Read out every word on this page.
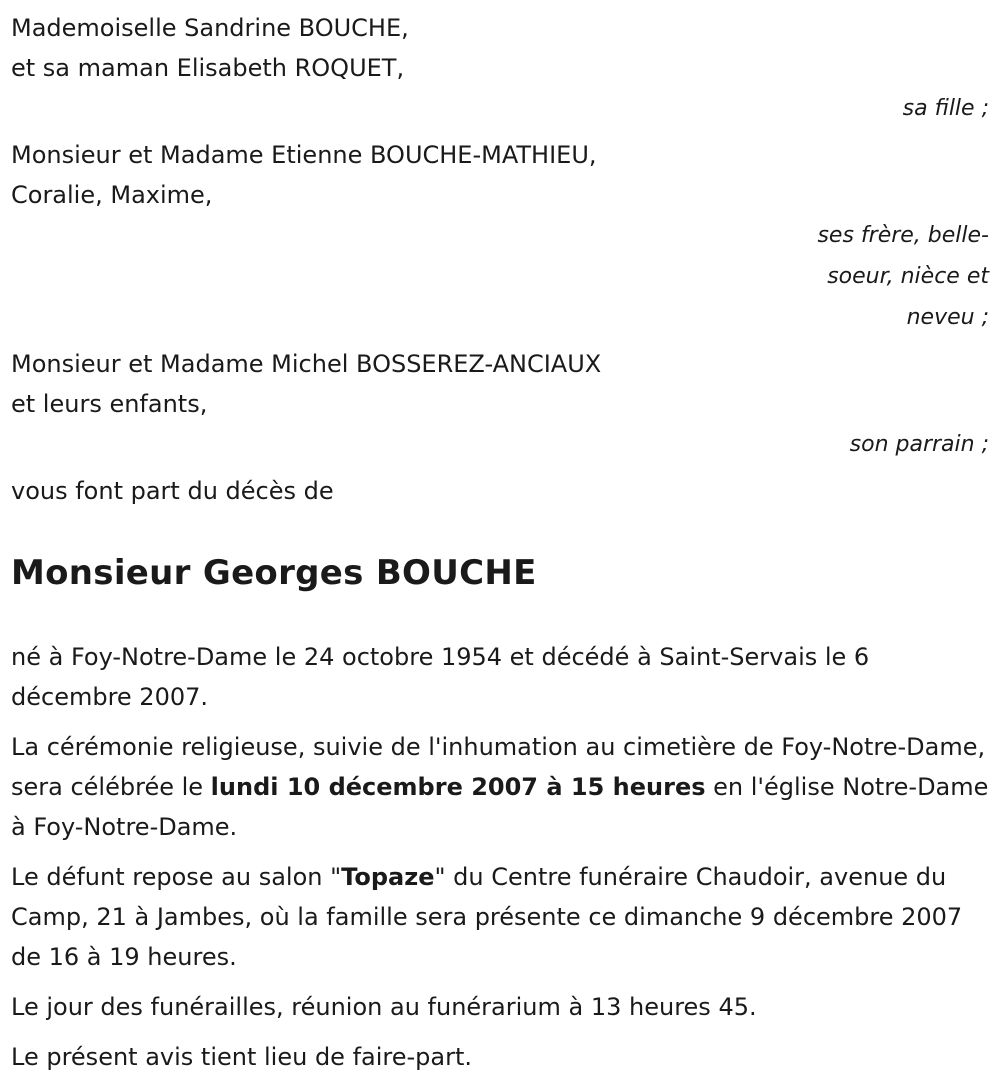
Mademoiselle Sandrine BOUCHE,
et sa maman Elisabeth ROQUET,
sa fille ;
Monsieur et Madame Etienne BOUCHE-MATHIEU,
Coralie, Maxime,
ses frère, belle-
soeur, nièce et
neveu ;
Monsieur et Madame Michel BOSSEREZ-ANCIAUX
et leurs enfants,
son parrain ;
vous font part du décès de
Monsieur Georges BOUCHE

né à Foy-Notre-Dame le 24 octobre 1954 et décédé à Saint-Servais le 6 décembre 2007.

La cérémonie religieuse, suivie de l'inhumation au cimetière de Foy-Notre-Dame, sera célébrée le lundi 10 décembre 2007 à 15 heures en l'église Notre-Dame à Foy-Notre-Dame.

Le défunt repose au salon "Topaze" du Centre funéraire Chaudoir, avenue du Camp, 21 à Jambes, où la famille sera présente ce dimanche 9 décembre 2007 de 16 à 19 heures.

Le jour des funérailles, réunion au funérarium à 13 heures 45.

Le présent avis tient lieu de faire-part.
